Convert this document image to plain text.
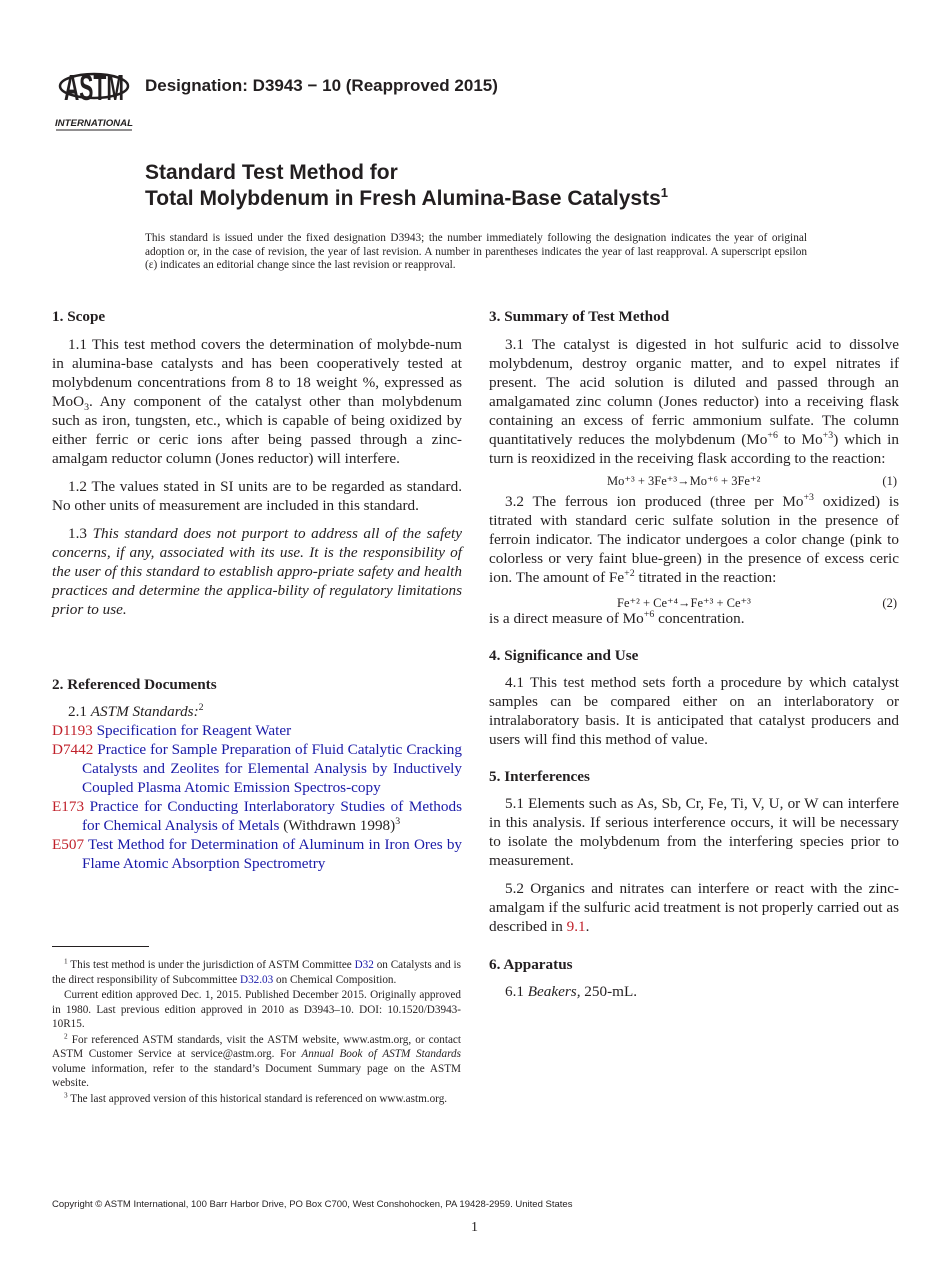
ASTM
INTERNATIONAL
Designation: D3943 − 10 (Reapproved 2015)
Standard Test Method for
Total Molybdenum in Fresh Alumina-Base Catalysts$^1$
This standard is issued under the fixed designation D3943; the number immediately following the designation indicates the year of original adoption or, in the case of revision, the year of last revision. A number in parentheses indicates the year of last reapproval. A superscript epsilon (ε) indicates an editorial change since the last revision or reapproval.
1. Scope

1.1 This test method covers the determination of molybde-num in alumina-base catalysts and has been cooperatively tested at molybdenum concentrations from 8 to 18 weight %, expressed as MoO$_3$. Any component of the catalyst other than molybdenum such as iron, tungsten, etc., which is capable of being oxidized by either ferric or ceric ions after being passed through a zinc-amalgam reductor column (Jones reductor) will interfere.

1.2 The values stated in SI units are to be regarded as standard. No other units of measurement are included in this standard.

1.3 This standard does not purport to address all of the safety concerns, if any, associated with its use. It is the responsibility of the user of this standard to establish appro-priate safety and health practices and determine the applica-bility of regulatory limitations prior to use.

2. Referenced Documents

2.1 ASTM Standards:$^2$

D1193 Specification for Reagent Water
D7442 Practice for Sample Preparation of Fluid Catalytic Cracking Catalysts and Zeolites for Elemental Analysis by Inductively Coupled Plasma Atomic Emission Spectros-copy
E173 Practice for Conducting Interlaboratory Studies of Methods for Chemical Analysis of Metals (Withdrawn 1998)$^3$
E507 Test Method for Determination of Aluminum in Iron Ores by Flame Atomic Absorption Spectrometry

$^1$ This test method is under the jurisdiction of ASTM Committee D32 on Catalysts and is the direct responsibility of Subcommittee D32.03 on Chemical Composition.

Current edition approved Dec. 1, 2015. Published December 2015. Originally approved in 1980. Last previous edition approved in 2010 as D3943–10. DOI: 10.1520/D3943-10R15.

$^2$ For referenced ASTM standards, visit the ASTM website, www.astm.org, or contact ASTM Customer Service at service@astm.org. For Annual Book of ASTM Standards volume information, refer to the standard’s Document Summary page on the ASTM website.

$^3$ The last approved version of this historical standard is referenced on www.astm.org.

3. Summary of Test Method

3.1 The catalyst is digested in hot sulfuric acid to dissolve molybdenum, destroy organic matter, and to expel nitrates if present. The acid solution is diluted and passed through an amalgamated zinc column (Jones reductor) into a receiving flask containing an excess of ferric ammonium sulfate. The column quantitatively reduces the molybdenum ($Mo^{+6}$ to $Mo^{+3}$) which in turn is reoxidized in the receiving flask according to the reaction:

Mo⁺³ + 3Fe⁺³→Mo⁺⁶ + 3Fe⁺²	(1)

3.2 The ferrous ion produced (three per $Mo^{+3}$ oxidized) is titrated with standard ceric sulfate solution in the presence of ferroin indicator. The indicator undergoes a color change (pink to colorless or very faint blue-green) in the presence of excess ceric ion. The amount of $Fe^{+2}$ titrated in the reaction:

Fe⁺² + Ce⁺⁴→Fe⁺³ + Ce⁺³	(2)
is a direct measure of $Mo^{+6}$ concentration.
4. Significance and Use

4.1 This test method sets forth a procedure by which catalyst samples can be compared either on an interlaboratory or intralaboratory basis. It is anticipated that catalyst producers and users will find this method of value.

5. Interferences

5.1 Elements such as As, Sb, Cr, Fe, Ti, V, U, or W can interfere in this analysis. If serious interference occurs, it will be necessary to isolate the molybdenum from the interfering species prior to measurement.

5.2 Organics and nitrates can interfere or react with the zinc-amalgam if the sulfuric acid treatment is not properly carried out as described in 9.1.

6. Apparatus

6.1 Beakers, 250-mL.

Copyright © ASTM International, 100 Barr Harbor Drive, PO Box C700, West Conshohocken, PA 19428-2959. United States
1
